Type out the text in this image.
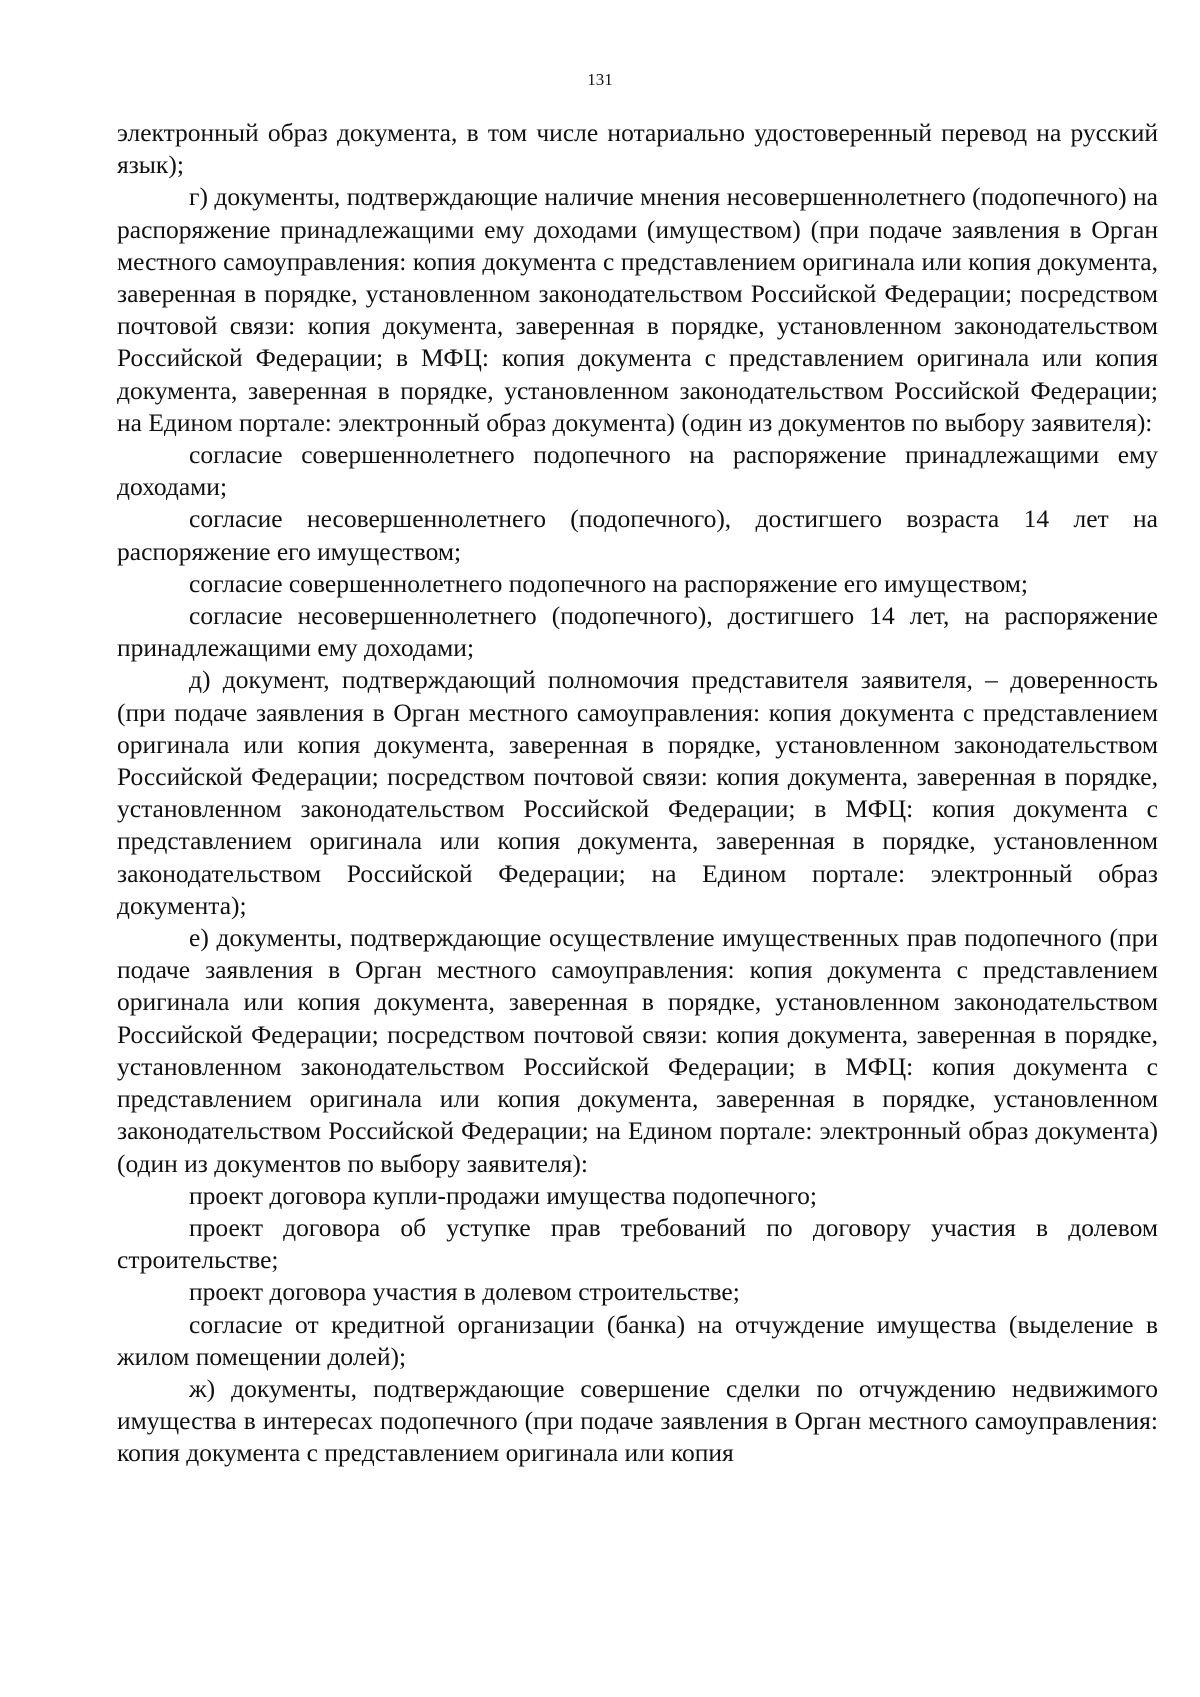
131

электронный образ документа, в том числе нотариально удостоверенный перевод на русский язык);

г) документы, подтверждающие наличие мнения несовершеннолетнего (подопечного) на распоряжение принадлежащими ему доходами (имуществом) (при подаче заявления в Орган местного самоуправления: копия документа с представлением оригинала или копия документа, заверенная в порядке, установленном законодательством Российской Федерации; посредством почтовой связи: копия документа, заверенная в порядке, установленном законодательством Российской Федерации; в МФЦ: копия документа с представлением оригинала или копия документа, заверенная в порядке, установленном законодательством Российской Федерации; на Едином портале: электронный образ документа) (один из документов по выбору заявителя):

согласие совершеннолетнего подопечного на распоряжение принадлежащими ему доходами;

согласие несовершеннолетнего (подопечного), достигшего возраста 14 лет на распоряжение его имуществом;

согласие совершеннолетнего подопечного на распоряжение его имуществом;

согласие несовершеннолетнего (подопечного), достигшего 14 лет, на распоряжение принадлежащими ему доходами;

д) документ, подтверждающий полномочия представителя заявителя, – доверенность (при подаче заявления в Орган местного самоуправления: копия документа с представлением оригинала или копия документа, заверенная в порядке, установленном законодательством Российской Федерации; посредством почтовой связи: копия документа, заверенная в порядке, установленном законодательством Российской Федерации; в МФЦ: копия документа с представлением оригинала или копия документа, заверенная в порядке, установленном законодательством Российской Федерации; на Едином портале: электронный образ документа);

е) документы, подтверждающие осуществление имущественных прав подопечного (при подаче заявления в Орган местного самоуправления: копия документа с представлением оригинала или копия документа, заверенная в порядке, установленном законодательством Российской Федерации; посредством почтовой связи: копия документа, заверенная в порядке, установленном законодательством Российской Федерации; в МФЦ: копия документа с представлением оригинала или копия документа, заверенная в порядке, установленном законодательством Российской Федерации; на Едином портале: электронный образ документа) (один из документов по выбору заявителя):

проект договора купли-продажи имущества подопечного;

проект договора об уступке прав требований по договору участия в долевом строительстве;

проект договора участия в долевом строительстве;

согласие от кредитной организации (банка) на отчуждение имущества (выделение в жилом помещении долей);

ж) документы, подтверждающие совершение сделки по отчуждению недвижимого имущества в интересах подопечного (при подаче заявления в Орган местного самоуправления: копия документа с представлением оригинала или копия
